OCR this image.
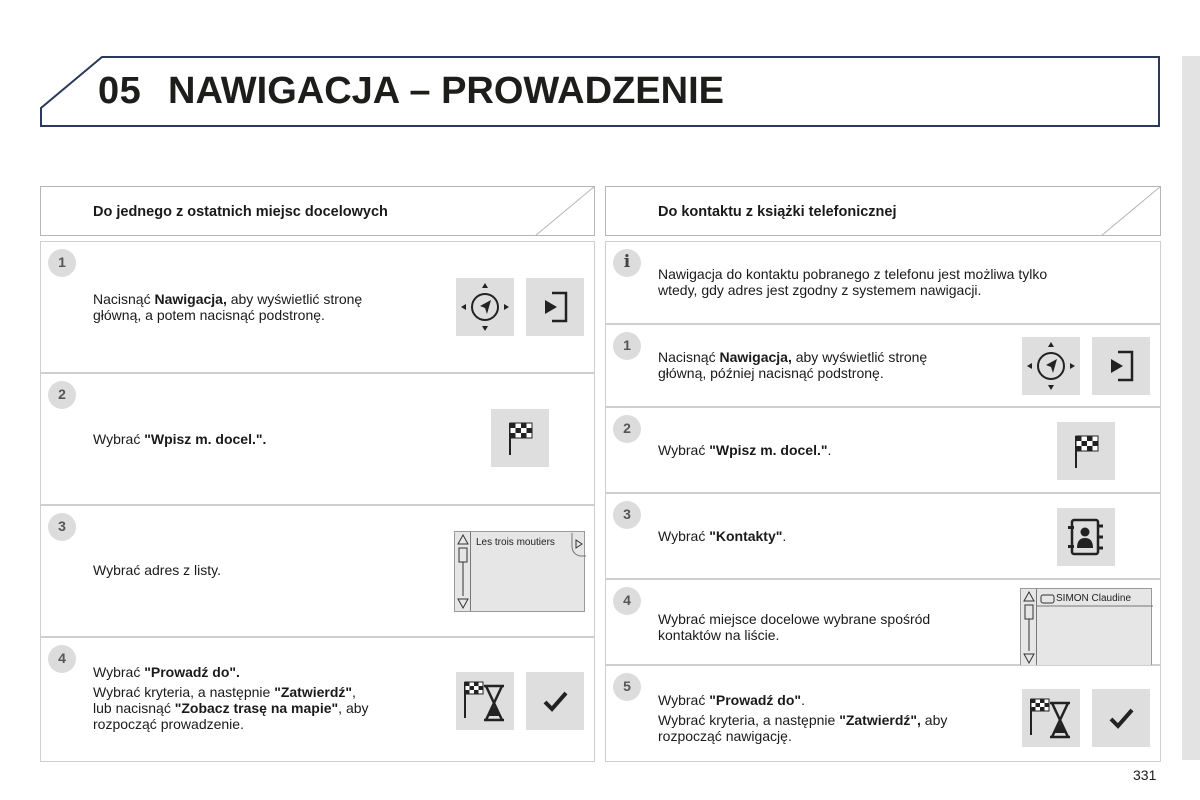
05 NAWIGACJA – PROWADZENIE
Do jednego z ostatnich miejsc docelowych
1
Nacisnąć Nawigacja, aby wyświetlić stronę
główną, a potem nacisnąć podstronę.
2
Wybrać "Wpisz m. docel.".
3
Wybrać adres z listy.
Les trois moutiers
4
Wybrać "Prowadź do".
Wybrać kryteria, a następnie "Zatwierdź",
lub nacisnąć "Zobacz trasę na mapie", aby
rozpocząć prowadzenie.
Do kontaktu z książki telefonicznej
i
Nawigacja do kontaktu pobranego z telefonu jest możliwa tylko
wtedy, gdy adres jest zgodny z systemem nawigacji.
1
Nacisnąć Nawigacja, aby wyświetlić stronę
główną, później nacisnąć podstronę.
2
Wybrać "Wpisz m. docel.".
3
Wybrać "Kontakty".
4
Wybrać miejsce docelowe wybrane spośród
kontaktów na liście.
SIMON Claudine
5
Wybrać "Prowadź do".
Wybrać kryteria, a następnie "Zatwierdź", aby
rozpocząć nawigację.
331
